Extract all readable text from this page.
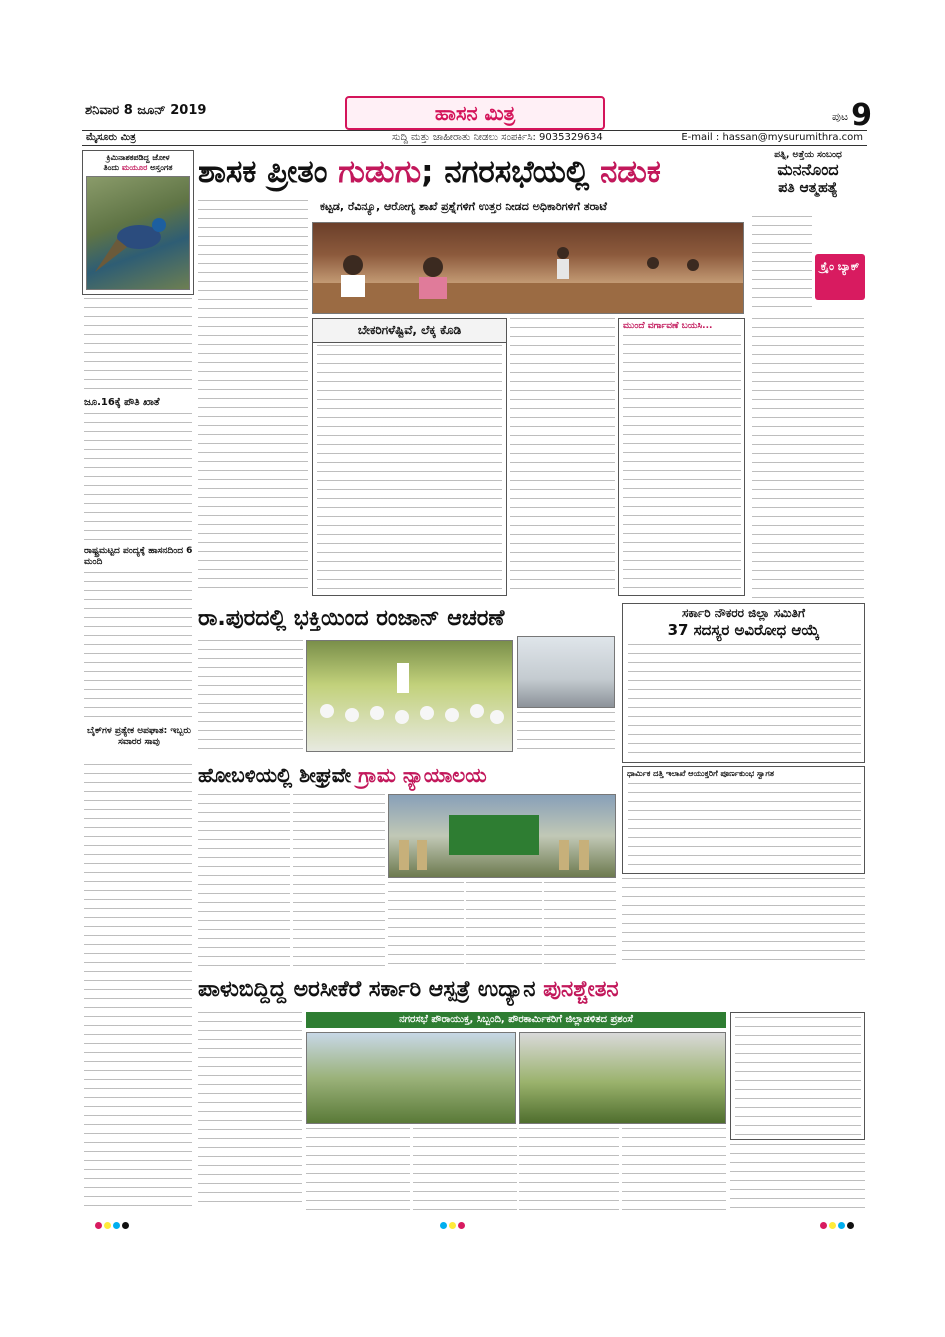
ಶನಿವಾರ 8 ಜೂನ್ 2019	ಹಾಸನ ಮಿತ್ರ	ಪುಟ 9
ಮೈಸೂರು ಮಿತ್ರ	ಸುದ್ದಿ ಮತ್ತು ಜಾಹೀರಾತು ನೀಡಲು ಸಂಪರ್ಕಿಸಿ: 9035329634	E-mail : hassan@mysurumithra.com
ಕ್ರಿಮಿನಾಶಕಪಡಿದ್ದ ಜೋಳ
ತಿಂದು ಮಯೂರ ಅಸ್ತಂಗತ
ಜೂ.16ಕ್ಕೆ ಪೌತಿ ಖಾತೆ
ರಾಷ್ಟ್ರಮಟ್ಟದ ಪಂದ್ಯಕ್ಕೆ ಹಾಸನದಿಂದ 6 ಮಂದಿ
ಬೈಕ್‌ಗಳ ಪ್ರತ್ಯೇಕ ಅಪಘಾತ: ಇಬ್ಬರು ಸವಾರರ ಸಾವು
ಶಾಸಕ ಪ್ರೀತಂ ಗುಡುಗು; ನಗರಸಭೆಯಲ್ಲಿ ನಡುಕ
ಕಟ್ಟಡ, ರೆವಿನ್ಯೂ, ಆರೋಗ್ಯ ಶಾಖೆ ಪ್ರಶ್ನೆಗಳಿಗೆ ಉತ್ತರ ನೀಡದ ಅಧಿಕಾರಿಗಳಿಗೆ ತರಾಟೆ
ಬೇಕರಿಗಳೆಷ್ಟಿವೆ, ಲೆಕ್ಕ ಕೊಡಿ	ಮುಂದೆ ವರ್ಗಾವಣೆ ಬಯಸಿ...
ಪತ್ನಿ, ಅತ್ತೆಯ ಸಂಬಂಧ
ಮನನೊಂದ
ಪತಿ ಆತ್ಮಹತ್ಯೆ
ಕ್ರೈಂ ಬ್ಯಾಕ್
ರಾ.ಪುರದಲ್ಲಿ ಭಕ್ತಿಯಿಂದ ರಂಜಾನ್ ಆಚರಣೆ	ಸರ್ಕಾರಿ ನೌಕರರ ಜಿಲ್ಲಾ ಸಮಿತಿಗೆ
37 ಸದಸ್ಯರ ಅವಿರೋಧ ಆಯ್ಕೆ
ಧಾರ್ಮಿಕ ದತ್ತಿ ಇಲಾಖೆ ಆಯುಕ್ತರಿಗೆ ಪೂರ್ಣಕುಂಭ ಸ್ವಾಗತ
ಹೋಬಳಿಯಲ್ಲಿ ಶೀಘ್ರವೇ ಗ್ರಾಮ ನ್ಯಾಯಾಲಯ
ಪಾಳುಬಿದ್ದಿದ್ದ ಅರಸೀಕೆರೆ ಸರ್ಕಾರಿ ಆಸ್ಪತ್ರೆ ಉದ್ಯಾನ ಪುನಶ್ಚೇತನ
ನಗರಸಭೆ ಪೌರಾಯುಕ್ತ, ಸಿಬ್ಬಂದಿ, ಪೌರಕಾರ್ಮಿಕರಿಗೆ ಜಿಲ್ಲಾಡಳಿತದ ಪ್ರಶಂಸೆ
